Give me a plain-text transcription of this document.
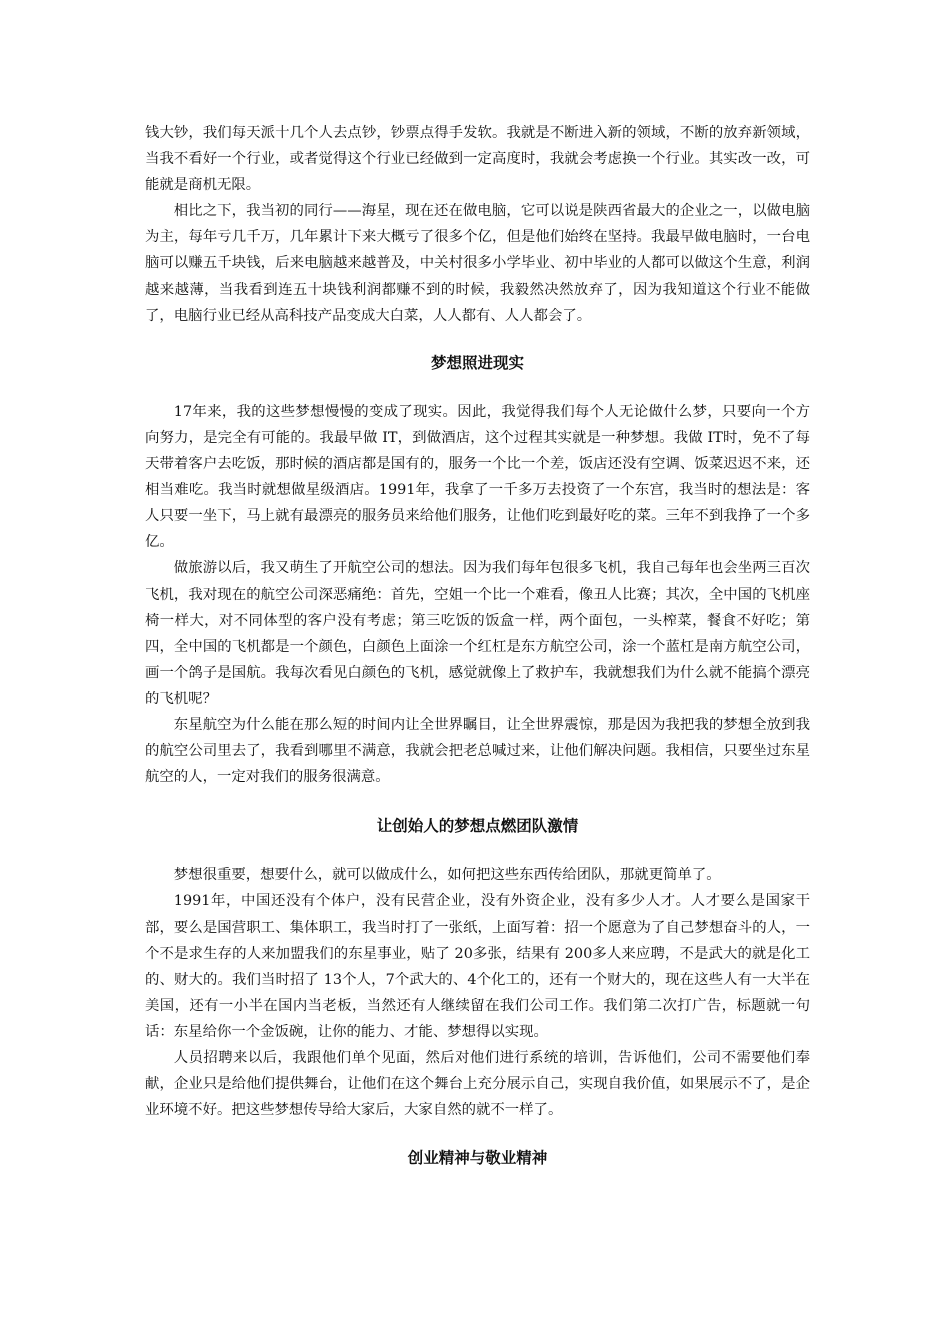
钱大钞，我们每天派十几个人去点钞，钞票点得手发软。我就是不断进入新的领域，不断的放弃新领域，当我不看好一个行业，或者觉得这个行业已经做到一定高度时，我就会考虑换一个行业。其实改一改，可能就是商机无限。

相比之下，我当初的同行——海星，现在还在做电脑，它可以说是陕西省最大的企业之一，以做电脑为主，每年亏几千万，几年累计下来大概亏了很多个亿，但是他们始终在坚持。我最早做电脑时，一台电脑可以赚五千块钱，后来电脑越来越普及，中关村很多小学毕业、初中毕业的人都可以做这个生意，利润越来越薄，当我看到连五十块钱利润都赚不到的时候，我毅然决然放弃了，因为我知道这个行业不能做了，电脑行业已经从高科技产品变成大白菜，人人都有、人人都会了。

梦想照进现实

17年来，我的这些梦想慢慢的变成了现实。因此，我觉得我们每个人无论做什么梦，只要向一个方向努力，是完全有可能的。我最早做 IT，到做酒店，这个过程其实就是一种梦想。我做 IT时，免不了每天带着客户去吃饭，那时候的酒店都是国有的，服务一个比一个差，饭店还没有空调、饭菜迟迟不来，还相当难吃。我当时就想做星级酒店。1991年，我拿了一千多万去投资了一个东宫，我当时的想法是：客人只要一坐下，马上就有最漂亮的服务员来给他们服务，让他们吃到最好吃的菜。三年不到我挣了一个多亿。

做旅游以后，我又萌生了开航空公司的想法。因为我们每年包很多飞机，我自己每年也会坐两三百次飞机，我对现在的航空公司深恶痛绝：首先，空姐一个比一个难看，像丑人比赛；其次，全中国的飞机座椅一样大，对不同体型的客户没有考虑；第三吃饭的饭盒一样，两个面包，一头榨菜，餐食不好吃；第四，全中国的飞机都是一个颜色，白颜色上面涂一个红杠是东方航空公司，涂一个蓝杠是南方航空公司，画一个鸽子是国航。我每次看见白颜色的飞机，感觉就像上了救护车，我就想我们为什么就不能搞个漂亮的飞机呢？

东星航空为什么能在那么短的时间内让全世界瞩目，让全世界震惊，那是因为我把我的梦想全放到我的航空公司里去了，我看到哪里不满意，我就会把老总喊过来，让他们解决问题。我相信，只要坐过东星航空的人，一定对我们的服务很满意。

让创始人的梦想点燃团队激情

梦想很重要，想要什么，就可以做成什么，如何把这些东西传给团队，那就更简单了。

1991年，中国还没有个体户，没有民营企业，没有外资企业，没有多少人才。人才要么是国家干部，要么是国营职工、集体职工，我当时打了一张纸，上面写着：招一个愿意为了自己梦想奋斗的人，一个不是求生存的人来加盟我们的东星事业，贴了 20多张，结果有 200多人来应聘，不是武大的就是化工的、财大的。我们当时招了 13个人，7个武大的、4个化工的，还有一个财大的，现在这些人有一大半在美国，还有一小半在国内当老板，当然还有人继续留在我们公司工作。我们第二次打广告，标题就一句话：东星给你一个金饭碗，让你的能力、才能、梦想得以实现。

人员招聘来以后，我跟他们单个见面，然后对他们进行系统的培训，告诉他们，公司不需要他们奉献，企业只是给他们提供舞台，让他们在这个舞台上充分展示自己，实现自我价值，如果展示不了，是企业环境不好。把这些梦想传导给大家后，大家自然的就不一样了。

创业精神与敬业精神
